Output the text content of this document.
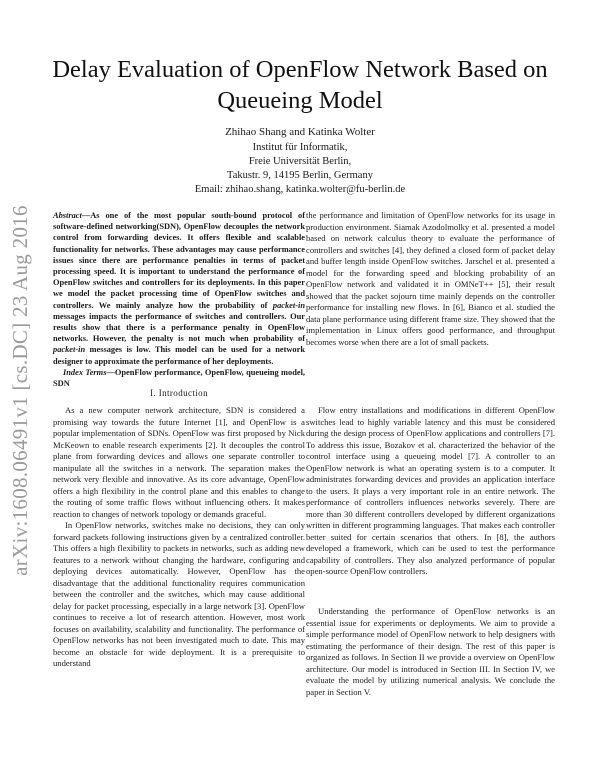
arXiv:1608.06491v1 [cs.DC] 23 Aug 2016
Delay Evaluation of OpenFlow Network Based on Queueing Model
Zhihao Shang and Katinka Wolter
Institut für Informatik,
Freie Universität Berlin,
Takustr. 9, 14195 Berlin, Germany
Email: zhihao.shang, katinka.wolter@fu-berlin.de
Abstract—As one of the most popular south-bound protocol of software-defined networking(SDN), OpenFlow decouples the network control from forwarding devices. It offers flexible and scalable functionality for networks. These advantages may cause performance issues since there are performance penalties in terms of packet processing speed. It is important to understand the performance of OpenFlow switches and controllers for its deployments. In this paper we model the packet processing time of OpenFlow switches and controllers. We mainly analyze how the probability of packet-in messages impacts the performance of switches and controllers. Our results show that there is a performance penalty in OpenFlow networks. However, the penalty is not much when probability of packet-in messages is low. This model can be used for a network designer to approximate the performance of her deployments.
Index Terms—OpenFlow performance, OpenFlow, queueing model, SDN

I. Introduction

As a new computer network architecture, SDN is considered a promising way towards the future Internet [1], and OpenFlow is a popular implementation of SDNs. OpenFlow was first proposed by Nick McKeown to enable research experiments [2]. It decouples the control plane from forwarding devices and allows one separate controller to manipulate all the switches in a network. The separation makes the network very flexible and innovative. As its core advantage, OpenFlow offers a high flexibility in the control plane and this enables to change the routing of some traffic flows without influencing others. It makes reaction to changes of network topology or demands graceful.

In OpenFlow networks, switches make no decisions, they can only forward packets following instructions given by a centralized controller. This offers a high flexibility to packets in networks, such as adding new features to a network without changing the hardware, configuring and deploying devices automatically. However, OpenFlow has the disadvantage that the additional functionality requires communication between the controller and the switches, which may cause additional delay for packet processing, especially in a large network [3]. OpenFlow continues to receive a lot of research attention. However, most work focuses on availability, scalability and functionality. The performance of OpenFlow networks has not been investigated much to date. This may become an obstacle for wide deployment. It is a prerequisite to understand

the performance and limitation of OpenFlow networks for its usage in production environment. Siamak Azodolmolky et al. presented a model based on network calculus theory to evaluate the performance of controllers and switches [4], they defined a closed form of packet delay and buffer length inside OpenFlow switches. Jarschel et al. presented a model for the forwarding speed and blocking probability of an OpenFlow network and validated it in OMNeT++ [5], their result showed that the packet sojourn time mainly depends on the controller performance for installing new flows. In [6], Bianco et al. studied the data plane performance using different frame size. They showed that the implementation in Linux offers good performance, and throughput becomes worse when there are a lot of small packets.

Flow entry installations and modifications in different OpenFlow switches lead to highly variable latency and this must be considered during the design process of OpenFlow applications and controllers [7]. To address this issue, Bozakov et al. characterized the behavior of the control interface using a queueing model [7]. A controller to an OpenFlow network is what an operating system is to a computer. It administrates forwarding devices and provides an application interface to the users. It plays a very important role in an entire network. The performance of controllers influences networks severely. There are more than 30 different controllers developed by different organizations written in different programming languages. That makes each controller better suited for certain scenarios that others. In [8], the authors developed a framework, which can be used to test the performance capability of controllers. They also analyzed performance of popular open-source OpenFlow controllers.

Understanding the performance of OpenFlow networks is an essential issue for experiments or deployments. We aim to provide a simple performance model of OpenFlow network to help designers with estimating the performance of their design. The rest of this paper is organized as follows. In Section II we provide a overview on OpenFlow architecture. Our model is introduced in Section III. In Section IV, we evaluate the model by utilizing numerical analysis. We conclude the paper in Section V.
